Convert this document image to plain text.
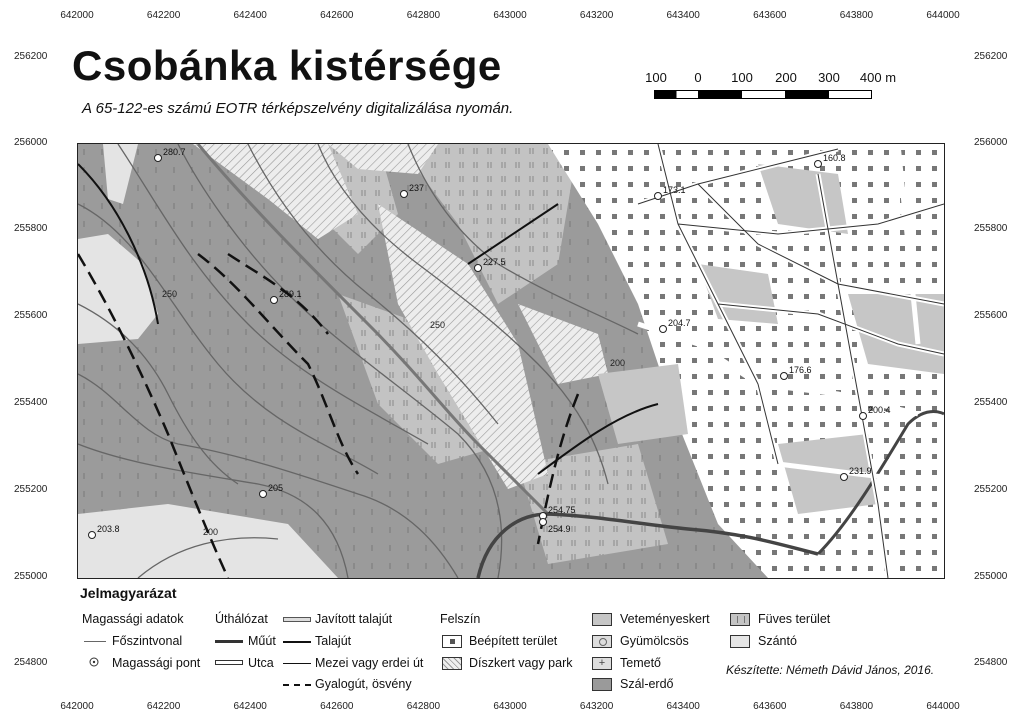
Csobánka kistérsége
A 65-122-es számú EOTR térképszelvény digitalizálása nyomán.
100 0 100 200 300 400 m
280.7
237
227.5
289.1
173.1
204.7
176.6
200.4
231.9
205
203.8
254.75
254.9
160.8
250
250
200
200
Jelmagyarázat
Magassági adatok
Főszintvonal
Magassági pont
Úthálózat
Műút
Utca
Javított talajút
Talajút
Mezei vagy erdei út
Gyalogút, ösvény
Felszín
Beépített terület
Díszkert vagy park
Veteményeskert
Gyümölcsös
+	Temető
Szál-erdő
Füves terület
Szántó
Készítette: Németh Dávid János, 2016.
642000
642000
642200
642200
642400
642400
642600
642600
642800
642800
643000
643000
643200
643200
643400
643400
643600
643600
643800
643800
644000
644000
256200	256200
256000	256000
255800	255800
255600	255600
255400	255400
255200	255200
255000	255000
254800	254800
